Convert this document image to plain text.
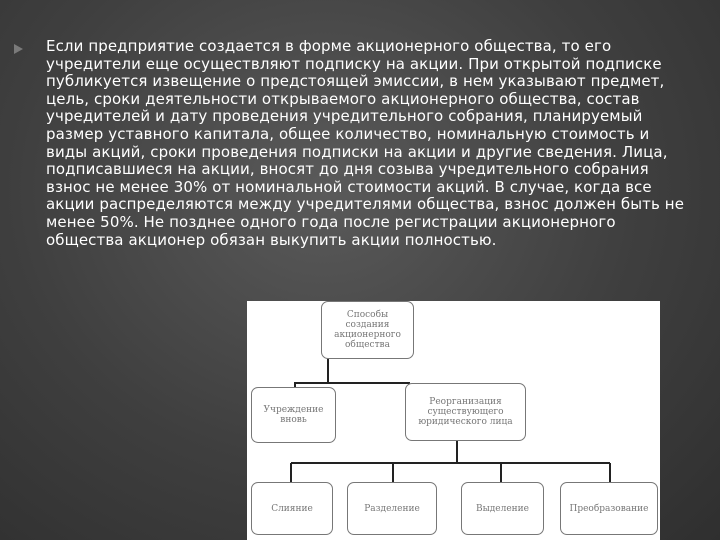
Если предприятие создается в форме акционерного общества, то его учредители еще осуществляют подписку на акции. При открытой подписке публикуется извещение о предстоящей эмиссии, в нем указывают предмет, цель, сроки деятельности открываемого акционерного общества, состав учредителей и дату проведения учредительного собрания, планируемый размер уставного капитала, общее количество, номинальную стоимость и виды акций, сроки проведения подписки на акции и другие сведения. Лица, подписавшиеся на акции, вносят до дня созыва учредительного собрания взнос не менее 30% от номинальной стоимости акций. В случае, когда все акции распределяются между учредителями общества, взнос должен быть не менее 50%. Не позднее одного года после регистрации акционерного общества акционер обязан выкупить акции полностью.

Способы создания акционерного общества
Учреждение вновь
Реорганизация существующего юридического лица
Слияние	Разделение	Выделение	Преобразование
